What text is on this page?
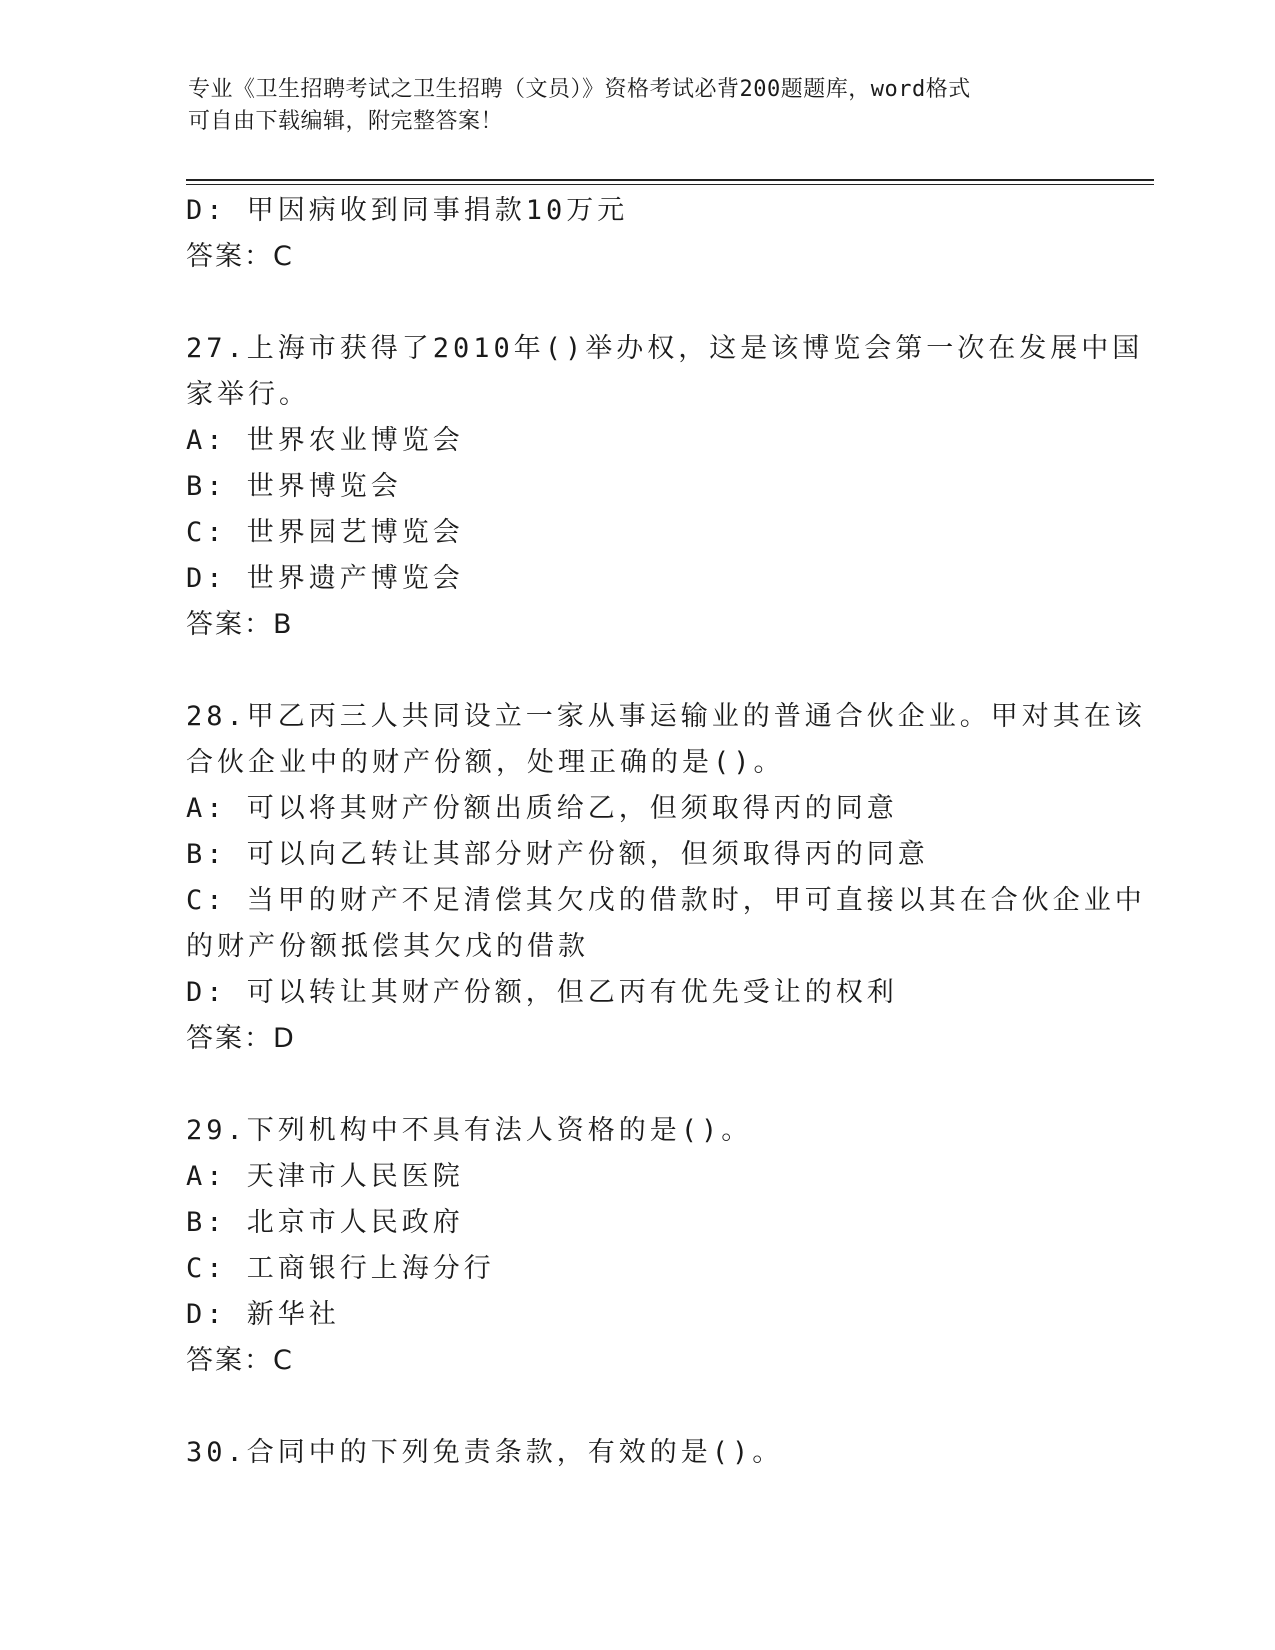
专业《卫生招聘考试之卫生招聘（文员）》资格考试必背200题题库，word格式
可自由下载编辑，附完整答案！
D: 甲因病收到同事捐款10万元
答案：C
27.上海市获得了2010年()举办权，这是该博览会第一次在发展中国
家举行。
A: 世界农业博览会
B: 世界博览会
C: 世界园艺博览会
D: 世界遗产博览会
答案：B
28.甲乙丙三人共同设立一家从事运输业的普通合伙企业。甲对其在该
合伙企业中的财产份额，处理正确的是()。
A: 可以将其财产份额出质给乙，但须取得丙的同意
B: 可以向乙转让其部分财产份额，但须取得丙的同意
C: 当甲的财产不足清偿其欠戊的借款时，甲可直接以其在合伙企业中
的财产份额抵偿其欠戊的借款
D: 可以转让其财产份额，但乙丙有优先受让的权利
答案：D
29.下列机构中不具有法人资格的是()。
A: 天津市人民医院
B: 北京市人民政府
C: 工商银行上海分行
D: 新华社
答案：C
30.合同中的下列免责条款，有效的是()。
